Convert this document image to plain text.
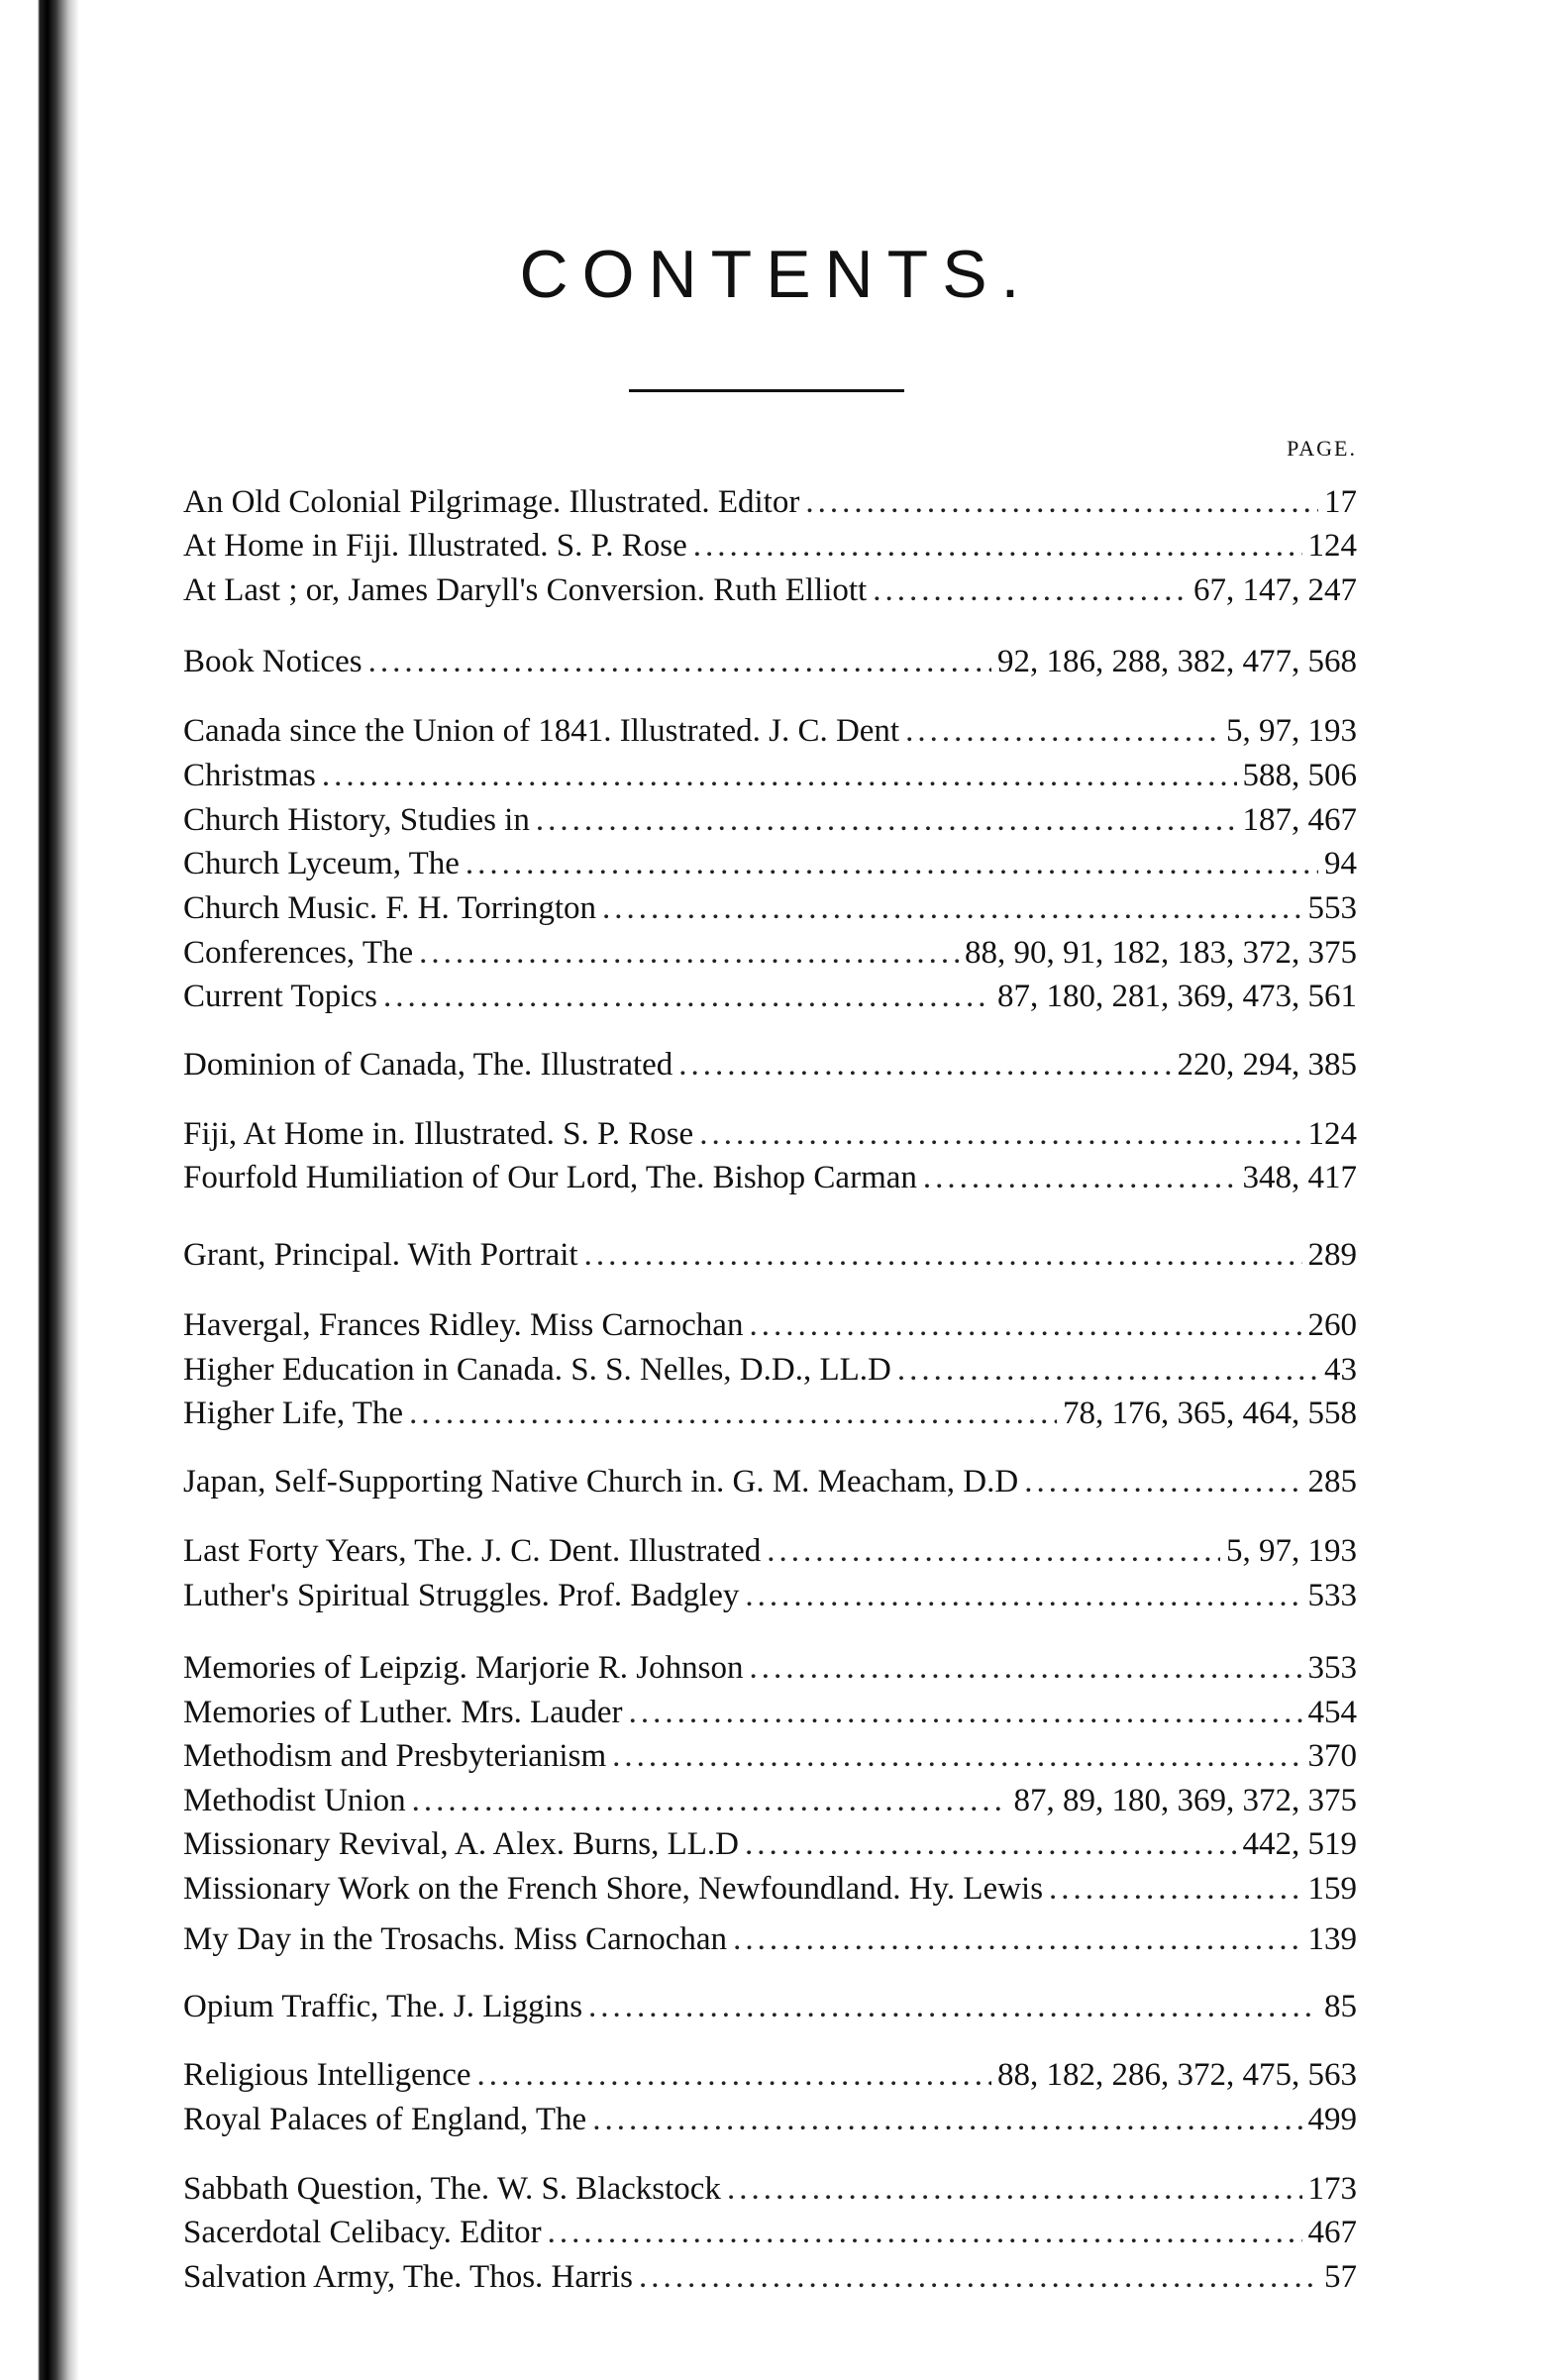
CONTENTS.
PAGE.
An Old Colonial Pilgrimage. Illustrated. Editor .....	17
At Home in Fiji. Illustrated. S. P. Rose .....	124
At Last ; or, James Daryll's Conversion. Ruth Elliott .....	67, 147, 247
Book Notices .....	92, 186, 288, 382, 477, 568
Canada since the Union of 1841. Illustrated. J. C. Dent .....	5, 97, 193
Christmas .....	588, 506
Church History, Studies in .....	187, 467
Church Lyceum, The .....	94
Church Music. F. H. Torrington .....	553
Conferences, The .....	88, 90, 91, 182, 183, 372, 375
Current Topics .....	87, 180, 281, 369, 473, 561
Dominion of Canada, The. Illustrated .....	220, 294, 385
Fiji, At Home in. Illustrated. S. P. Rose .....	124
Fourfold Humiliation of Our Lord, The. Bishop Carman .....	348, 417
Grant, Principal. With Portrait .....	289
Havergal, Frances Ridley. Miss Carnochan .....	260
Higher Education in Canada. S. S. Nelles, D.D., LL.D .....	43
Higher Life, The .....	78, 176, 365, 464, 558
Japan, Self-Supporting Native Church in. G. M. Meacham, D.D .....	285
Last Forty Years, The. J. C. Dent. Illustrated .....	5, 97, 193
Luther's Spiritual Struggles. Prof. Badgley .....	533
Memories of Leipzig. Marjorie R. Johnson .....	353
Memories of Luther. Mrs. Lauder .....	454
Methodism and Presbyterianism .....	370
Methodist Union .....	87, 89, 180, 369, 372, 375
Missionary Revival, A. Alex. Burns, LL.D .....	442, 519
Missionary Work on the French Shore, Newfoundland. Hy. Lewis .....	159
My Day in the Trosachs. Miss Carnochan .....	139
Opium Traffic, The. J. Liggins .....	85
Religious Intelligence .....	88, 182, 286, 372, 475, 563
Royal Palaces of England, The .....	499
Sabbath Question, The. W. S. Blackstock .....	173
Sacerdotal Celibacy. Editor .....	467
Salvation Army, The. Thos. Harris .....	57
